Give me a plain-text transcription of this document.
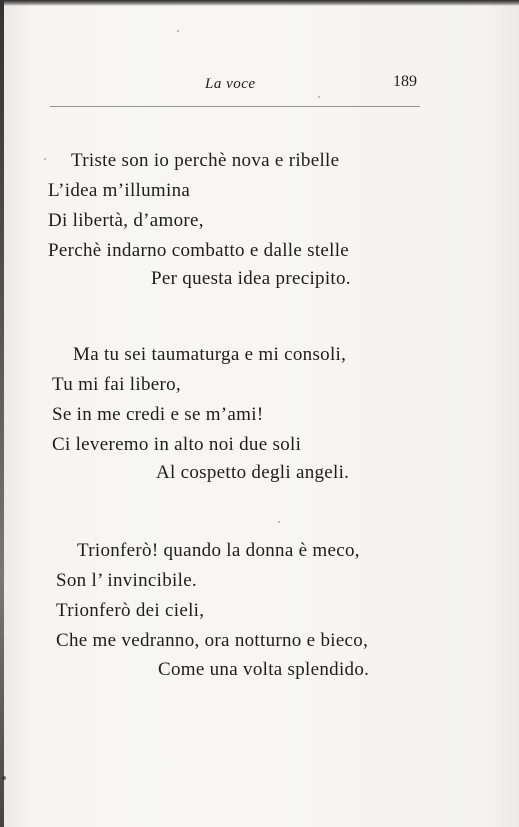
La voce	189
Triste son io perchè nova e ribelle
L’idea m’illumina
Di libertà, d’amore,
Perchè indarno combatto e dalle stelle
Per questa idea precipito.
Ma tu sei taumaturga e mi consoli,
Tu mi fai libero,
Se in me credi e se m’ami!
Ci leveremo in alto noi due soli
Al cospetto degli angeli.
Trionferò! quando la donna è meco,
Son l’ invincibile.
Trionferò dei cieli,
Che me vedranno, ora notturno e bieco,
Come una volta splendido.
